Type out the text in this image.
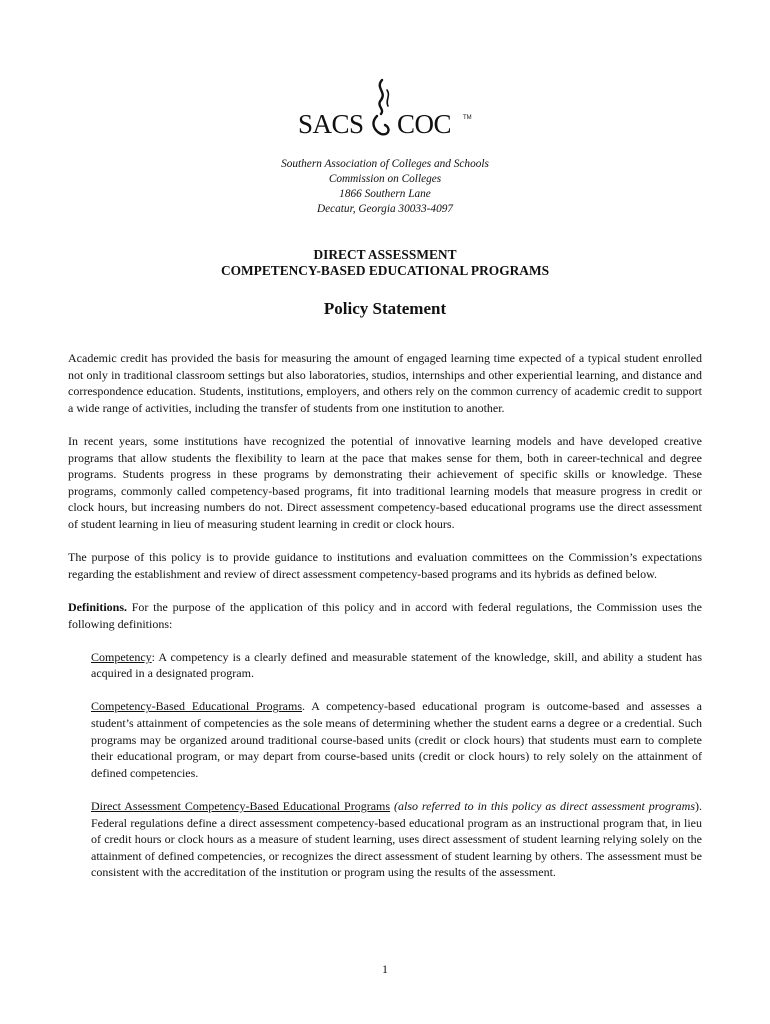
SACS COC TM
Southern Association of Colleges and Schools
Commission on Colleges
1866 Southern Lane
Decatur, Georgia 30033-4097
DIRECT ASSESSMENT
COMPETENCY-BASED EDUCATIONAL PROGRAMS
Policy Statement

Academic credit has provided the basis for measuring the amount of engaged learning time expected of a typical student enrolled not only in traditional classroom settings but also laboratories, studios, internships and other experiential learning, and distance and correspondence education. Students, institutions, employers, and others rely on the common currency of academic credit to support a wide range of activities, including the transfer of students from one institution to another.

In recent years, some institutions have recognized the potential of innovative learning models and have developed creative programs that allow students the flexibility to learn at the pace that makes sense for them, both in career-technical and degree programs. Students progress in these programs by demonstrating their achievement of specific skills or knowledge. These programs, commonly called competency-based programs, fit into traditional learning models that measure progress in credit or clock hours, but increasing numbers do not. Direct assessment competency-based educational programs use the direct assessment of student learning in lieu of measuring student learning in credit or clock hours.

The purpose of this policy is to provide guidance to institutions and evaluation committees on the Commission’s expectations regarding the establishment and review of direct assessment competency-based programs and its hybrids as defined below.

Definitions. For the purpose of the application of this policy and in accord with federal regulations, the Commission uses the following definitions:

Competency: A competency is a clearly defined and measurable statement of the knowledge, skill, and ability a student has acquired in a designated program.

Competency-Based Educational Programs. A competency-based educational program is outcome-based and assesses a student’s attainment of competencies as the sole means of determining whether the student earns a degree or a credential. Such programs may be organized around traditional course-based units (credit or clock hours) that students must earn to complete their educational program, or may depart from course-based units (credit or clock hours) to rely solely on the attainment of defined competencies.

Direct Assessment Competency-Based Educational Programs (also referred to in this policy as direct assessment programs). Federal regulations define a direct assessment competency-based educational program as an instructional program that, in lieu of credit hours or clock hours as a measure of student learning, uses direct assessment of student learning relying solely on the attainment of defined competencies, or recognizes the direct assessment of student learning by others. The assessment must be consistent with the accreditation of the institution or program using the results of the assessment.

1
